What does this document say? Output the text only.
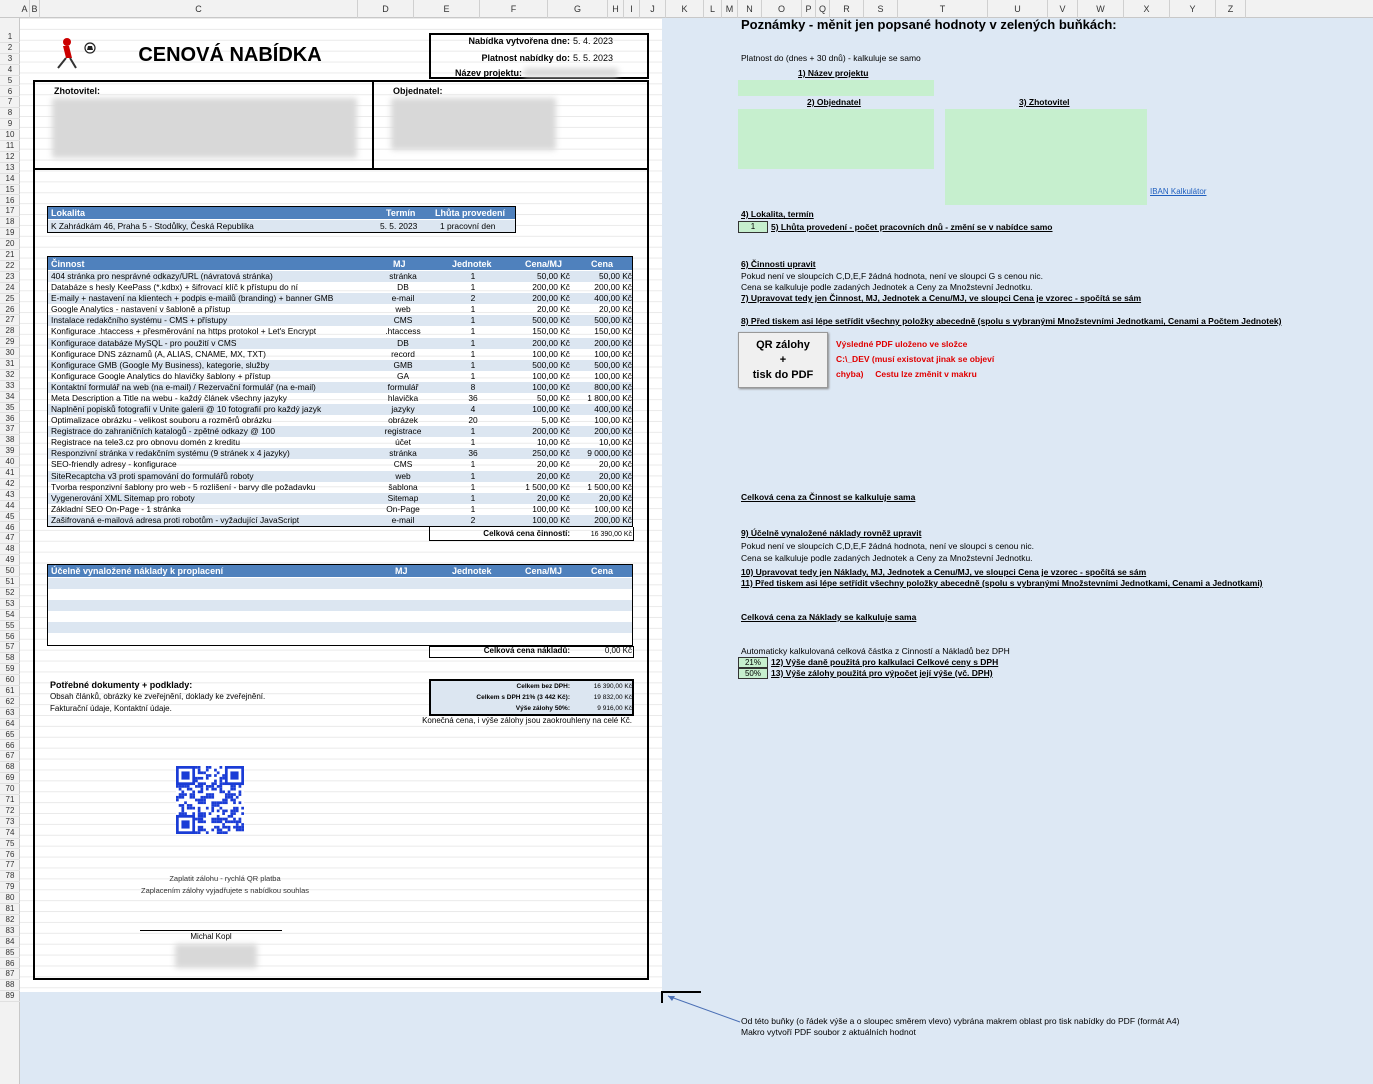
A B	C	D	E	F	G	H	I	J	K	L	M	N	O	P Q	R	S	T	U	V	W	X	Y	Z
1
2
3
4
5
6
7
8
9
10
11
12
13
14
15
16
17
18
19
20
21
22
23
24
25
26
27
28
29
30
31
32
33
34
35
36
37
38
39
40
41
42
43
44
45
46
47
48
49
50
51
52
53
54
55
56
57
58
59
60
61
62
63
64
65
66
67
68
69
70
71
72
73
74
75
76
77
78
79
80
81
82
83
84
85
86
87
88
89
CENOVÁ NABÍDKA
Nabídka vytvořena dne: 5. 4. 2023
Platnost nabídky do: 5. 5. 2023
Název projektu:
Zhotovitel:	Objednatel:
Lokalita	Termín Lhůta provedení
K Zahrádkám 46, Praha 5 - Stodůlky, Česká Republika	5. 5. 2023	1 pracovní den
Činnost	MJ	Jednotek	Cena/MJ	Cena
404 stránka pro nesprávné odkazy/URL (návratová stránka)	stránka	1	50,00 Kč	50,00 Kč
Databáze s hesly KeePass (*.kdbx) + šifrovací klíč k přístupu do ní	DB	1	200,00 Kč	200,00 Kč
E-maily + nastavení na klientech + podpis e-mailů (branding) + banner GMB	e-mail	2	200,00 Kč	400,00 Kč
Google Analytics - nastavení v šabloně a přístup	web	1	20,00 Kč	20,00 Kč
Instalace redakčního systému - CMS + přístupy	CMS	1	500,00 Kč	500,00 Kč
Konfigurace .htaccess + přesměrování na https protokol + Let's Encrypt	.htaccess	1	150,00 Kč	150,00 Kč
Konfigurace databáze MySQL - pro použití v CMS	DB	1	200,00 Kč	200,00 Kč
Konfigurace DNS záznamů (A, ALIAS, CNAME, MX, TXT)	record	1	100,00 Kč	100,00 Kč
Konfigurace GMB (Google My Business), kategorie, služby	GMB	1	500,00 Kč	500,00 Kč
Konfigurace Google Analytics do hlavičky šablony + přístup	GA	1	100,00 Kč	100,00 Kč
Kontaktní formulář na web (na e-mail) / Rezervační formulář (na e-mail)	formulář	8	100,00 Kč	800,00 Kč
Meta Description a Title na webu - každý článek všechny jazyky	hlavička	36	50,00 Kč	1 800,00 Kč
Naplnění popisků fotografií v Unite galerii @ 10 fotografií pro každý jazyk	jazyky	4	100,00 Kč	400,00 Kč
Optimalizace obrázku - velikost souboru a rozměrů obrázku	obrázek	20	5,00 Kč	100,00 Kč
Registrace do zahraničních katalogů - zpětné odkazy @ 100	registrace	1	200,00 Kč	200,00 Kč
Registrace na tele3.cz pro obnovu domén z kreditu	účet	1	10,00 Kč	10,00 Kč
Responzivní stránka v redakčním systému (9 stránek x 4 jazyky)	stránka	36	250,00 Kč	9 000,00 Kč
SEO-friendly adresy - konfigurace	CMS	1	20,00 Kč	20,00 Kč
SiteRecaptcha v3 proti spamování do formulářů roboty	web	1	20,00 Kč	20,00 Kč
Tvorba responzivní šablony pro web - 5 rozlišení - barvy dle požadavku	šablona	1	1 500,00 Kč	1 500,00 Kč
Vygenerování XML Sitemap pro roboty	Sitemap	1	20,00 Kč	20,00 Kč
Základní SEO On-Page - 1 stránka	On-Page	1	100,00 Kč	100,00 Kč
Zašifrovaná e-mailová adresa proti robotům - vyžadující JavaScript	e-mail	2	100,00 Kč	200,00 Kč
Celková cena činností:	16 390,00 Kč
Účelně vynaložené náklady k proplacení	MJ	Jednotek	Cena/MJ	Cena
Celková cena nákladů:	0,00 Kč
Potřebné dokumenty + podklady:
Obsah článků, obrázky ke zveřejnění, doklady ke zveřejnění.
Fakturační údaje, Kontaktní údaje.
Celkem bez DPH:	16 390,00 Kč
Celkem s DPH 21% (3 442 Kč):	19 832,00 Kč
Výše zálohy 50%:	9 916,00 Kč
Konečná cena, i výše zálohy jsou zaokrouhleny na celé Kč.
Zaplatit zálohu - rychlá QR platba
Zaplacením zálohy vyjadřujete s nabídkou souhlas
Michal Kopl
Poznámky - měnit jen popsané hodnoty v zelených buňkách:
Platnost do (dnes + 30 dnů) - kalkuluje se samo
1) Název projektu
2) Objednatel	3) Zhotovitel
IBAN Kalkulátor
4) Lokalita, termín
1	5) Lhůta provedení - počet pracovních dnů - změní se v nabídce samo
6) Činnosti upravit
Pokud není ve sloupcích C,D,E,F žádná hodnota, není ve sloupci G s cenou nic.
Cena se kalkuluje podle zadaných Jednotek a Ceny za Množstevní Jednotku.
7) Upravovat tedy jen Činnost, MJ, Jednotek a Cenu/MJ, ve sloupci Cena je vzorec - spočítá se sám
8) Před tiskem asi lépe setřídit všechny položky abecedně (spolu s vybranými Množstevními Jednotkami, Cenami a Počtem Jednotek)
QR zálohy
+
tisk do PDF
Výsledné PDF uloženo ve složce
C:\_DEV (musí existovat jinak se objeví
chyba)     Cestu lze změnit v makru
Celková cena za Činnost se kalkuluje sama
9) Účelně vynaložené náklady rovněž upravit
Pokud není ve sloupcích C,D,E,F žádná hodnota, není ve sloupci s cenou nic.
Cena se kalkuluje podle zadaných Jednotek a Ceny za Množstevní Jednotku.
10) Upravovat tedy jen Náklady, MJ, Jednotek a Cenu/MJ, ve sloupci Cena je vzorec - spočítá se sám
11) Před tiskem asi lépe setřídit všechny položky abecedně (spolu s vybranými Množstevními Jednotkami, Cenami a Jednotkami)
Celková cena za Náklady se kalkuluje sama
Automaticky kalkulovaná celková částka z Cinností a Nákladů bez DPH
21%	12) Výše daně použitá pro kalkulaci Celkové ceny s DPH
50%	13) Výše zálohy použitá pro výpočet její výše (vč. DPH)
Od této buňky (o řádek výše a o sloupec směrem vlevo) vybrána makrem oblast pro tisk nabídky do PDF (formát A4)
Makro vytvoří PDF soubor z aktuálních hodnot
